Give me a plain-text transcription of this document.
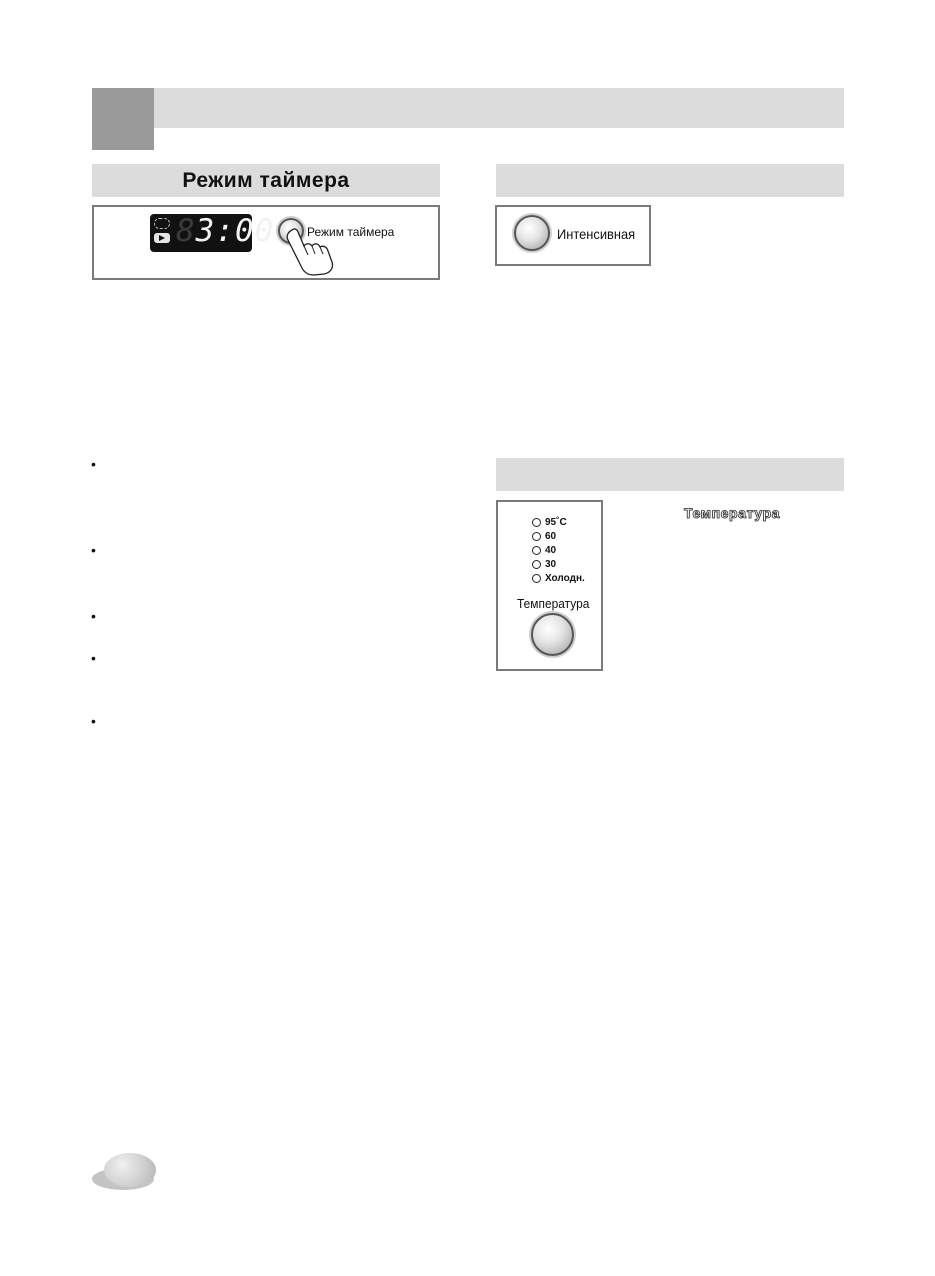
Режим таймера
83:00	Режим таймера
•
•
•
•
•
Интенсивная
95˚C
60
40
30
Холодн.
Температура
Температура
